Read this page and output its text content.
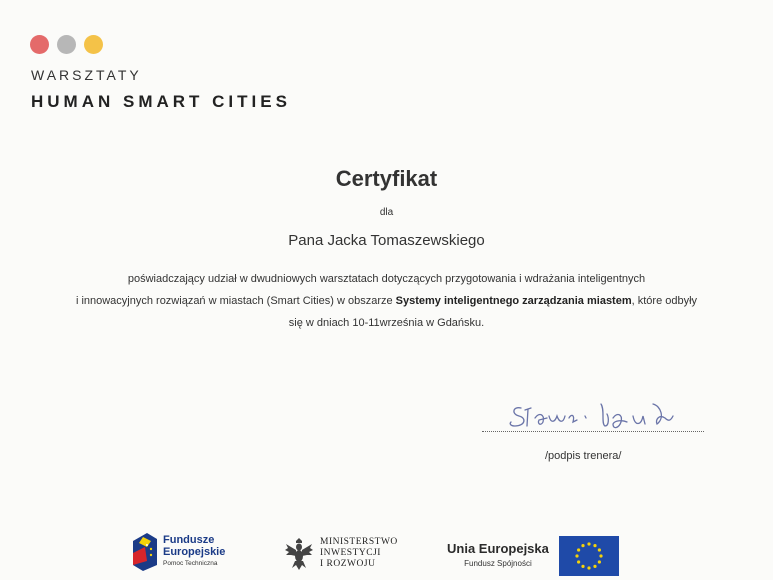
WARSZTATY
HUMAN SMART CITIES
Certyfikat
dla
Pana Jacka Tomaszewskiego
poświadczający udział w dwudniowych warsztatach dotyczących przygotowania i wdrażania inteligentnych
i innowacyjnych rozwiązań w miastach (Smart Cities) w obszarze Systemy inteligentnego zarządzania miastem, które odbyły
się w dniach 10-11września w Gdańsku.
/podpis trenera/
Fundusze
Europejskie
Pomoc Techniczna
MINISTERSTWO
INWESTYCJI
I ROZWOJU
Unia Europejska
Fundusz Spójności
